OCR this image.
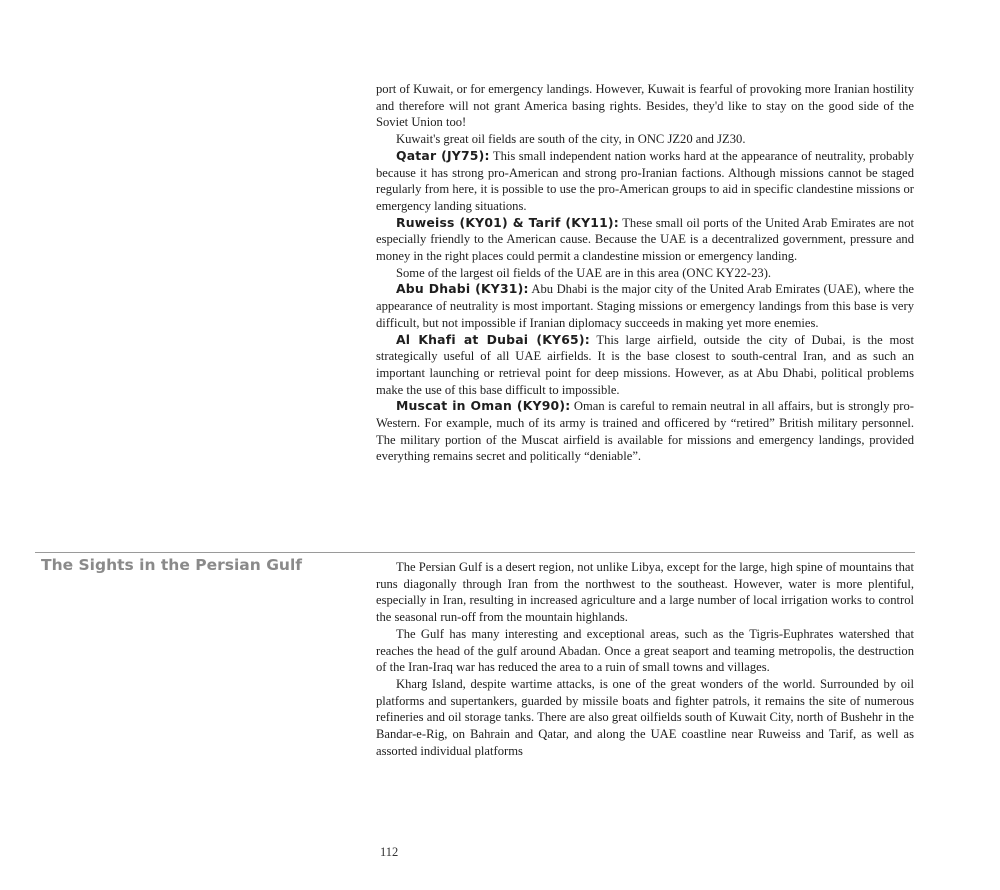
port of Kuwait, or for emergency landings. However, Kuwait is fearful of provoking more Iranian hostility and therefore will not grant America basing rights. Besides, they'd like to stay on the good side of the Soviet Union too!

Kuwait's great oil fields are south of the city, in ONC JZ20 and JZ30.

Qatar (JY75): This small independent nation works hard at the appearance of neutrality, probably because it has strong pro-American and strong pro-Iranian factions. Although missions cannot be staged regularly from here, it is possible to use the pro-American groups to aid in specific clandestine missions or emergency landing situations.

Ruweiss (KY01) & Tarif (KY11): These small oil ports of the United Arab Emirates are not especially friendly to the American cause. Because the UAE is a decentralized government, pressure and money in the right places could permit a clandestine mission or emergency landing.

Some of the largest oil fields of the UAE are in this area (ONC KY22-23).

Abu Dhabi (KY31): Abu Dhabi is the major city of the United Arab Emirates (UAE), where the appearance of neutrality is most important. Staging missions or emergency landings from this base is very difficult, but not impossible if Iranian diplomacy succeeds in making yet more enemies.

Al Khafi at Dubai (KY65): This large airfield, outside the city of Dubai, is the most strategically useful of all UAE airfields. It is the base closest to south-central Iran, and as such an important launching or retrieval point for deep missions. However, as at Abu Dhabi, political problems make the use of this base difficult to impossible.

Muscat in Oman (KY90): Oman is careful to remain neutral in all affairs, but is strongly pro-Western. For example, much of its army is trained and officered by “retired” British military personnel. The military portion of the Muscat airfield is available for missions and emergency landings, provided everything remains secret and politically “deniable”.

The Sights in the Persian Gulf	The Persian Gulf is a desert region, not unlike Libya, except for the large, high spine of mountains that runs diagonally through Iran from the northwest to the southeast. However, water is more plentiful, especially in Iran, resulting in increased agriculture and a large number of local irrigation works to control the seasonal run-off from the mountain highlands.

The Gulf has many interesting and exceptional areas, such as the Tigris-Euphrates watershed that reaches the head of the gulf around Abadan. Once a great seaport and teaming metropolis, the destruction of the Iran-Iraq war has reduced the area to a ruin of small towns and villages.

Kharg Island, despite wartime attacks, is one of the great wonders of the world. Surrounded by oil platforms and supertankers, guarded by missile boats and fighter patrols, it remains the site of numerous refineries and oil storage tanks. There are also great oilfields south of Kuwait City, north of Bushehr in the Bandar-e-Rig, on Bahrain and Qatar, and along the UAE coastline near Ruweiss and Tarif, as well as assorted individual platforms

112
